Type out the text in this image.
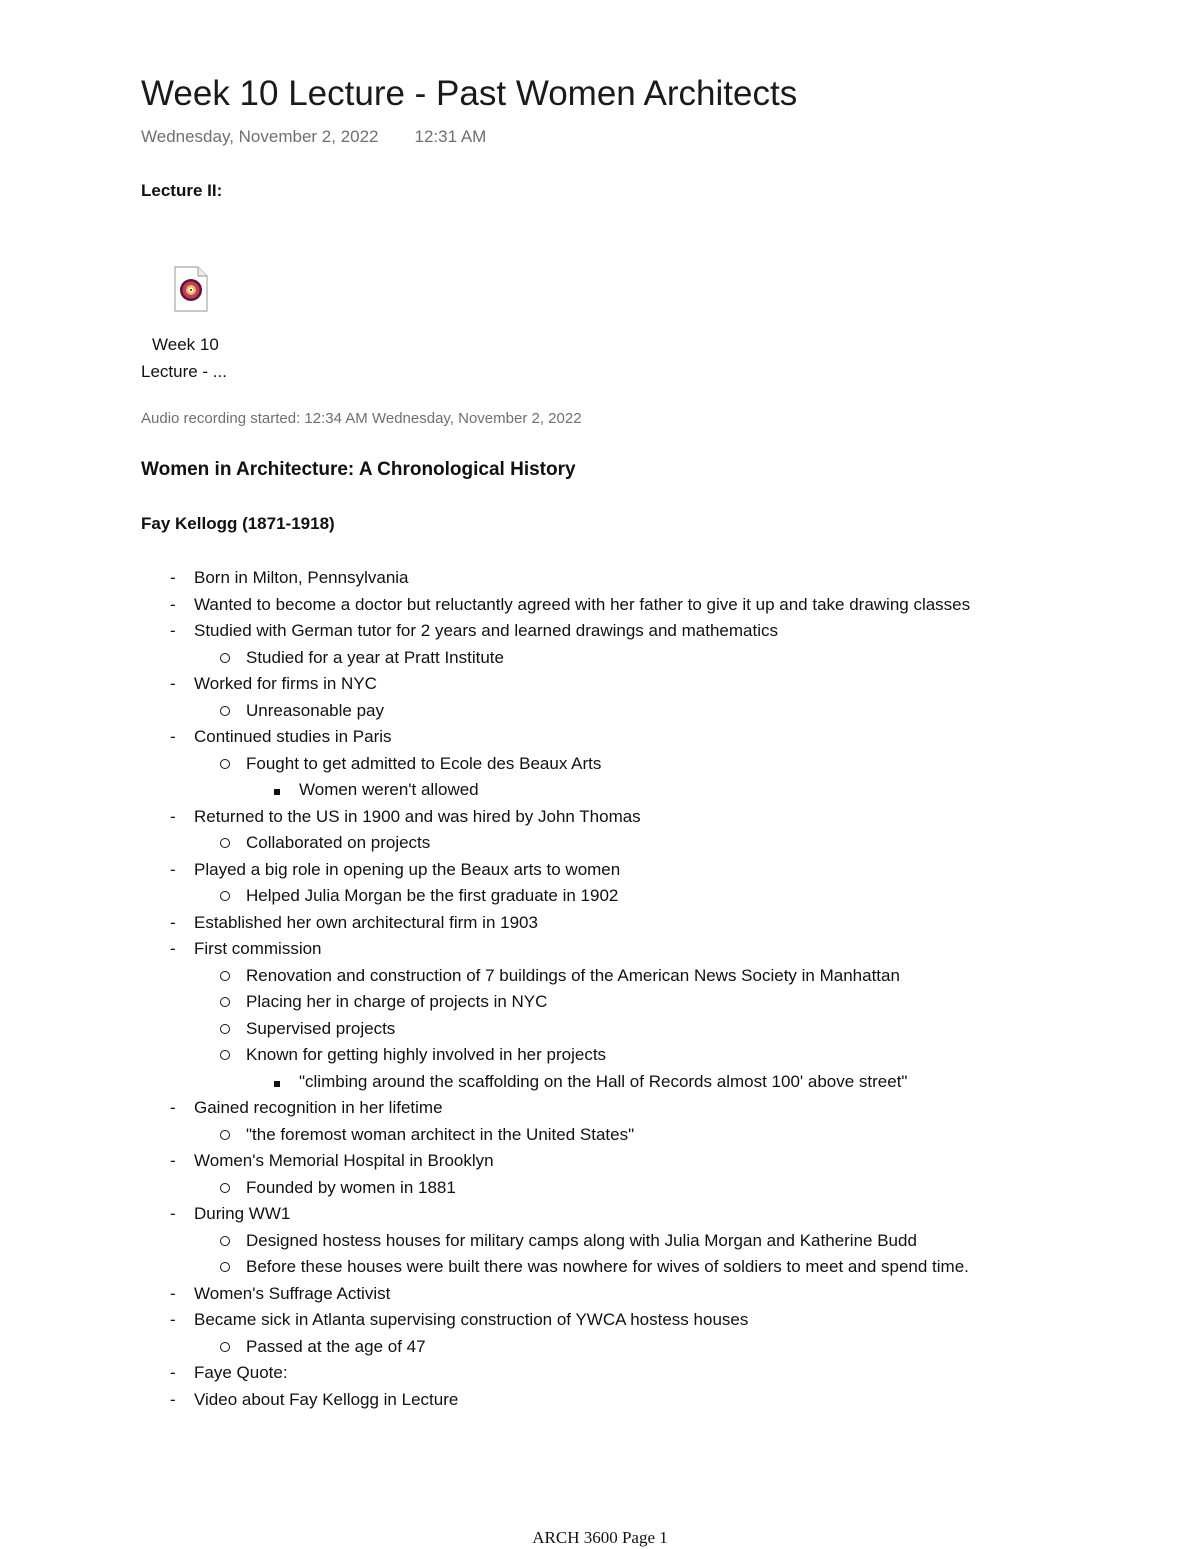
Week 10 Lecture - Past Women Architects
Wednesday, November 2, 2022 12:31 AM
Lecture II:
Week 10
Lecture - ...
Audio recording started: 12:34 AM Wednesday, November 2, 2022
Women in Architecture: A Chronological History
Fay Kellogg (1871-1918)
- Born in Milton, Pennsylvania
- Wanted to become a doctor but reluctantly agreed with her father to give it up and take drawing classes
- Studied with German tutor for 2 years and learned drawings and mathematics
Studied for a year at Pratt Institute
- Worked for firms in NYC
Unreasonable pay
- Continued studies in Paris
Fought to get admitted to Ecole des Beaux Arts
Women weren't allowed
- Returned to the US in 1900 and was hired by John Thomas
Collaborated on projects
- Played a big role in opening up the Beaux arts to women
Helped Julia Morgan be the first graduate in 1902
- Established her own architectural firm in 1903
- First commission
Renovation and construction of 7 buildings of the American News Society in Manhattan
Placing her in charge of projects in NYC
Supervised projects
Known for getting highly involved in her projects
"climbing around the scaffolding on the Hall of Records almost 100' above street"
- Gained recognition in her lifetime
"the foremost woman architect in the United States"
- Women's Memorial Hospital in Brooklyn
Founded by women in 1881
- During WW1
Designed hostess houses for military camps along with Julia Morgan and Katherine Budd
Before these houses were built there was nowhere for wives of soldiers to meet and spend time.
- Women's Suffrage Activist
- Became sick in Atlanta supervising construction of YWCA hostess houses
Passed at the age of 47
- Faye Quote:
- Video about Fay Kellogg in Lecture
ARCH 3600 Page 1
